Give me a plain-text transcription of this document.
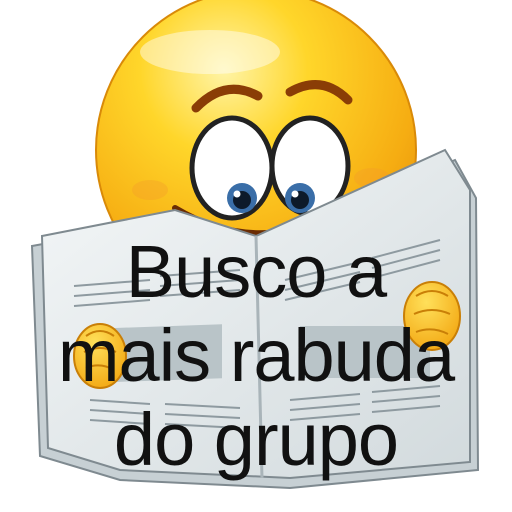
Busco a
mais rabuda
do grupo
